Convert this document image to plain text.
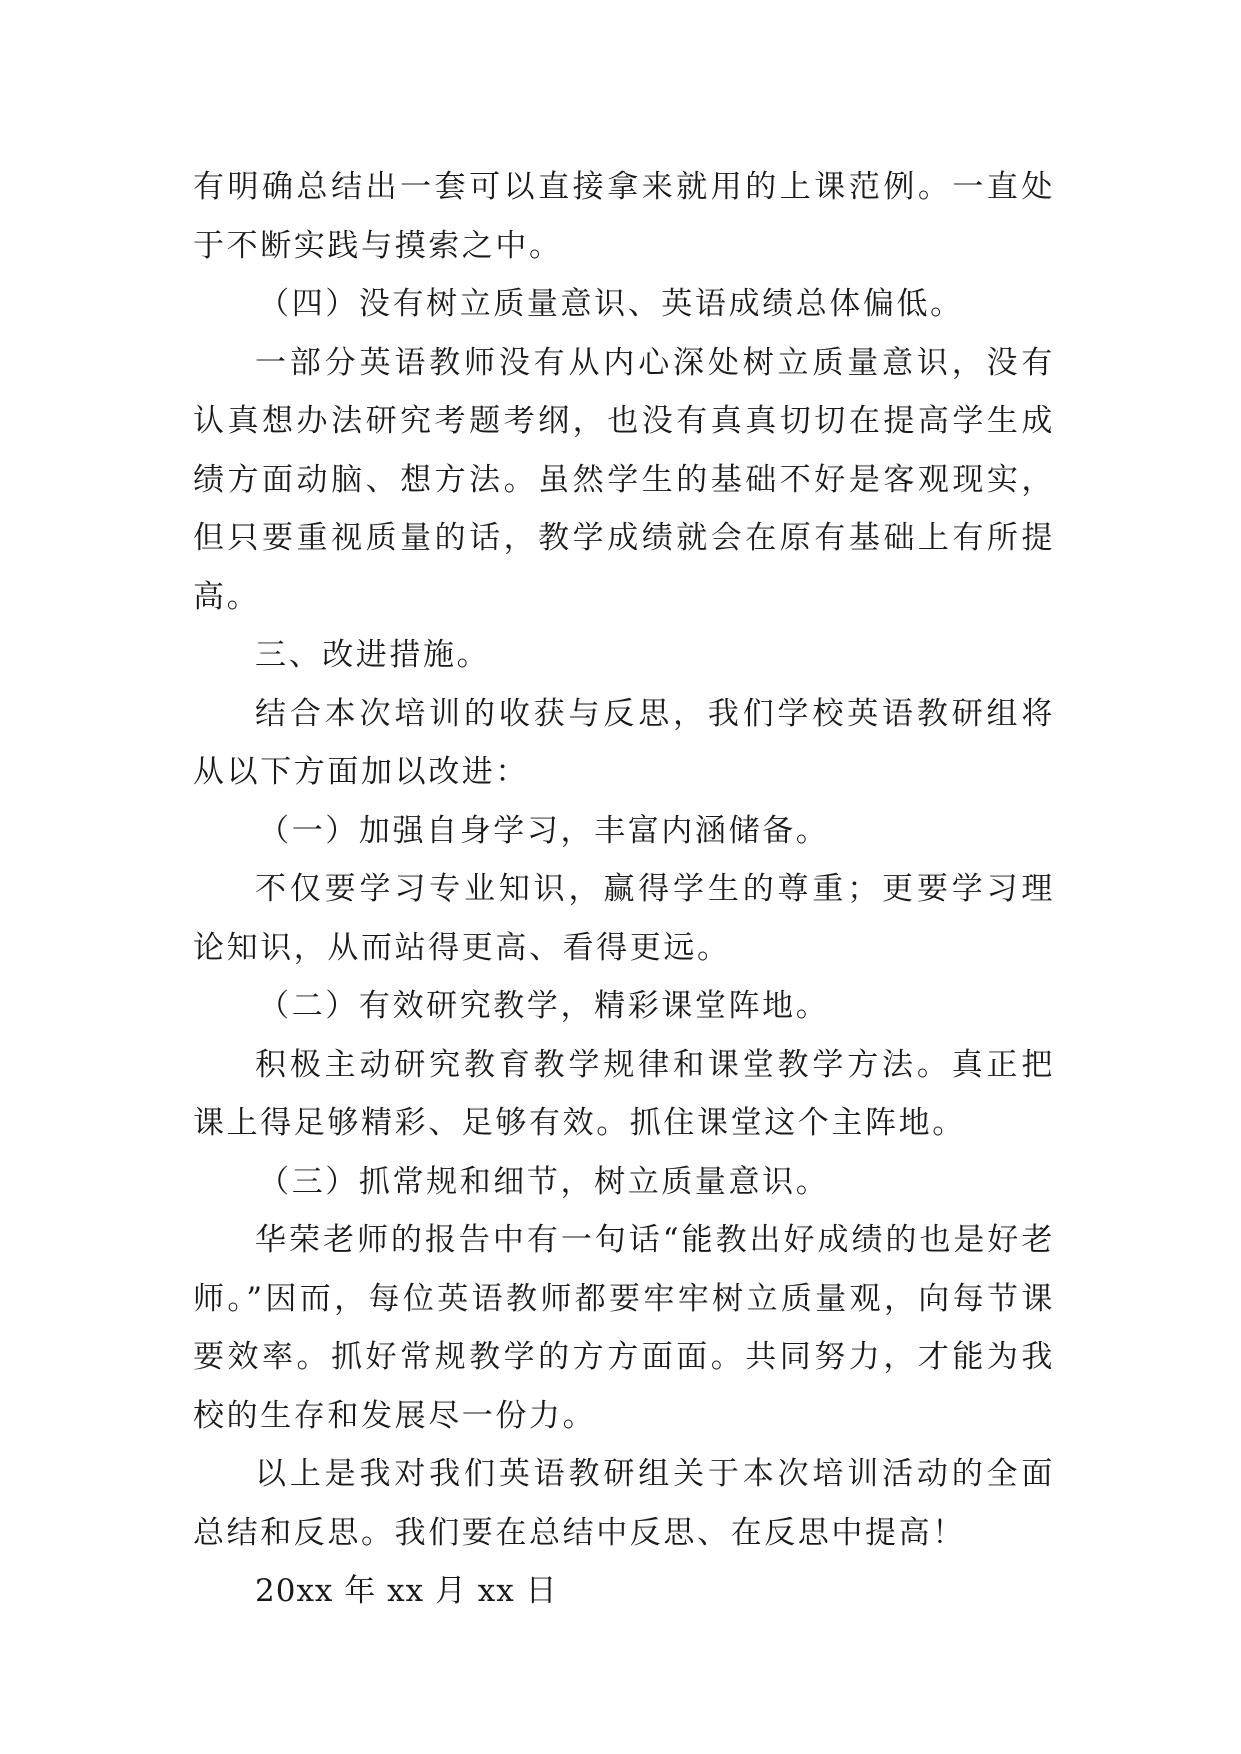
有明确总结出一套可以直接拿来就用的上课范例。一直处于不断实践与摸索之中。

（四）没有树立质量意识、英语成绩总体偏低。

一部分英语教师没有从内心深处树立质量意识，没有认真想办法研究考题考纲，也没有真真切切在提高学生成绩方面动脑、想方法。虽然学生的基础不好是客观现实，但只要重视质量的话，教学成绩就会在原有基础上有所提高。

三、改进措施。

结合本次培训的收获与反思，我们学校英语教研组将从以下方面加以改进：

（一）加强自身学习，丰富内涵储备。

不仅要学习专业知识，赢得学生的尊重；更要学习理论知识，从而站得更高、看得更远。

（二）有效研究教学，精彩课堂阵地。

积极主动研究教育教学规律和课堂教学方法。真正把课上得足够精彩、足够有效。抓住课堂这个主阵地。

（三）抓常规和细节，树立质量意识。

华荣老师的报告中有一句话“能教出好成绩的也是好老师。”因而，每位英语教师都要牢牢树立质量观，向每节课要效率。抓好常规教学的方方面面。共同努力，才能为我校的生存和发展尽一份力。

以上是我对我们英语教研组关于本次培训活动的全面总结和反思。我们要在总结中反思、在反思中提高！

20xx 年 xx 月 xx 日
